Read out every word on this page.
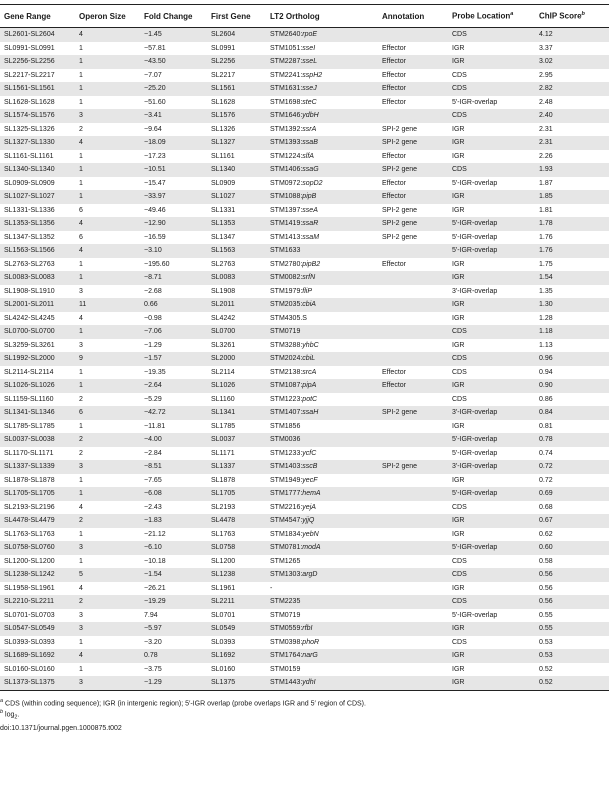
Gene Range	Operon Size	Fold Change	First Gene	LT2 Ortholog	Annotation	Probe Location$^a$	ChIP Score$^b$
SL2601-SL2604	4	−1.45	SL2604	STM2640:rpoE		CDS	4.12
SL0991-SL0991	1	−57.81	SL0991	STM1051:sseI	Effector	IGR	3.37
SL2256-SL2256	1	−43.50	SL2256	STM2287:sseL	Effector	IGR	3.02
SL2217-SL2217	1	−7.07	SL2217	STM2241:sspH2	Effector	CDS	2.95
SL1561-SL1561	1	−25.20	SL1561	STM1631:sseJ	Effector	CDS	2.82
SL1628-SL1628	1	−51.60	SL1628	STM1698:steC	Effector	5′-IGR-overlap	2.48
SL1574-SL1576	3	−3.41	SL1576	STM1646:ydbH		CDS	2.40
SL1325-SL1326	2	−9.64	SL1326	STM1392:ssrA	SPI-2 gene	IGR	2.31
SL1327-SL1330	4	−18.09	SL1327	STM1393:ssaB	SPI-2 gene	IGR	2.31
SL1161-SL1161	1	−17.23	SL1161	STM1224:slfA	Effector	IGR	2.26
SL1340-SL1340	1	−10.51	SL1340	STM1406:ssaG	SPI-2 gene	CDS	1.93
SL0909-SL0909	1	−15.47	SL0909	STM0972:sopD2	Effector	5′-IGR-overlap	1.87
SL1027-SL1027	1	−33.97	SL1027	STM1088:pipB	Effector	IGR	1.85
SL1331-SL1336	6	−49.46	SL1331	STM1397:sseA	SPI-2 gene	IGR	1.81
SL1353-SL1356	4	−12.90	SL1353	STM1419:ssaR	SPI-2 gene	5′-IGR-overlap	1.78
SL1347-SL1352	6	−16.59	SL1347	STM1413:ssaM	SPI-2 gene	5′-IGR-overlap	1.76
SL1563-SL1566	4	−3.10	SL1563	STM1633		5′-IGR-overlap	1.76
SL2763-SL2763	1	−195.60	SL2763	STM2780:pipB2	Effector	IGR	1.75
SL0083-SL0083	1	−8.71	SL0083	STM0082:srfN		IGR	1.54
SL1908-SL1910	3	−2.68	SL1908	STM1979:fliP		3′-IGR-overlap	1.35
SL2001-SL2011	11	0.66	SL2011	STM2035:cbiA		IGR	1.30
SL4242-SL4245	4	−0.98	SL4242	STM4305.S		IGR	1.28
SL0700-SL0700	1	−7.06	SL0700	STM0719		CDS	1.18
SL3259-SL3261	3	−1.29	SL3261	STM3288:yhbC		IGR	1.13
SL1992-SL2000	9	−1.57	SL2000	STM2024:cbiL		CDS	0.96
SL2114-SL2114	1	−19.35	SL2114	STM2138:srcA	Effector	CDS	0.94
SL1026-SL1026	1	−2.64	SL1026	STM1087:pipA	Effector	IGR	0.90
SL1159-SL1160	2	−5.29	SL1160	STM1223:potC		CDS	0.86
SL1341-SL1346	6	−42.72	SL1341	STM1407:ssaH	SPI-2 gene	3′-IGR-overlap	0.84
SL1785-SL1785	1	−11.81	SL1785	STM1856		IGR	0.81
SL0037-SL0038	2	−4.00	SL0037	STM0036		5′-IGR-overlap	0.78
SL1170-SL1171	2	−2.84	SL1171	STM1233:ycfC		5′-IGR-overlap	0.74
SL1337-SL1339	3	−8.51	SL1337	STM1403:sscB	SPI-2 gene	3′-IGR-overlap	0.72
SL1878-SL1878	1	−7.65	SL1878	STM1949:yecF		IGR	0.72
SL1705-SL1705	1	−6.08	SL1705	STM1777:hemA		5′-IGR-overlap	0.69
SL2193-SL2196	4	−2.43	SL2193	STM2216:yejA		CDS	0.68
SL4478-SL4479	2	−1.83	SL4478	STM4547:yjjQ		IGR	0.67
SL1763-SL1763	1	−21.12	SL1763	STM1834:yebN		IGR	0.62
SL0758-SL0760	3	−6.10	SL0758	STM0781:modA		5′-IGR-overlap	0.60
SL1200-SL1200	1	−10.18	SL1200	STM1265		CDS	0.58
SL1238-SL1242	5	−1.54	SL1238	STM1303:argD		CDS	0.56
SL1958-SL1961	4	−26.21	SL1961	-		IGR	0.56
SL2210-SL2211	2	−19.29	SL2211	STM2235		CDS	0.56
SL0701-SL0703	3	7.94	SL0701	STM0719		5′-IGR-overlap	0.55
SL0547-SL0549	3	−5.97	SL0549	STM0559:rfbI		IGR	0.55
SL0393-SL0393	1	−3.20	SL0393	STM0398:phoR		CDS	0.53
SL1689-SL1692	4	0.78	SL1692	STM1764:narG		IGR	0.53
SL0160-SL0160	1	−3.75	SL0160	STM0159		IGR	0.52
SL1373-SL1375	3	−1.29	SL1375	STM1443:ydhI		IGR	0.52
$^a$ CDS (within coding sequence); IGR (in intergenic region); 5′-IGR overlap (probe overlaps IGR and 5′ region of CDS).
$^b$ $\log_2$.
doi:10.1371/journal.pgen.1000875.t002
